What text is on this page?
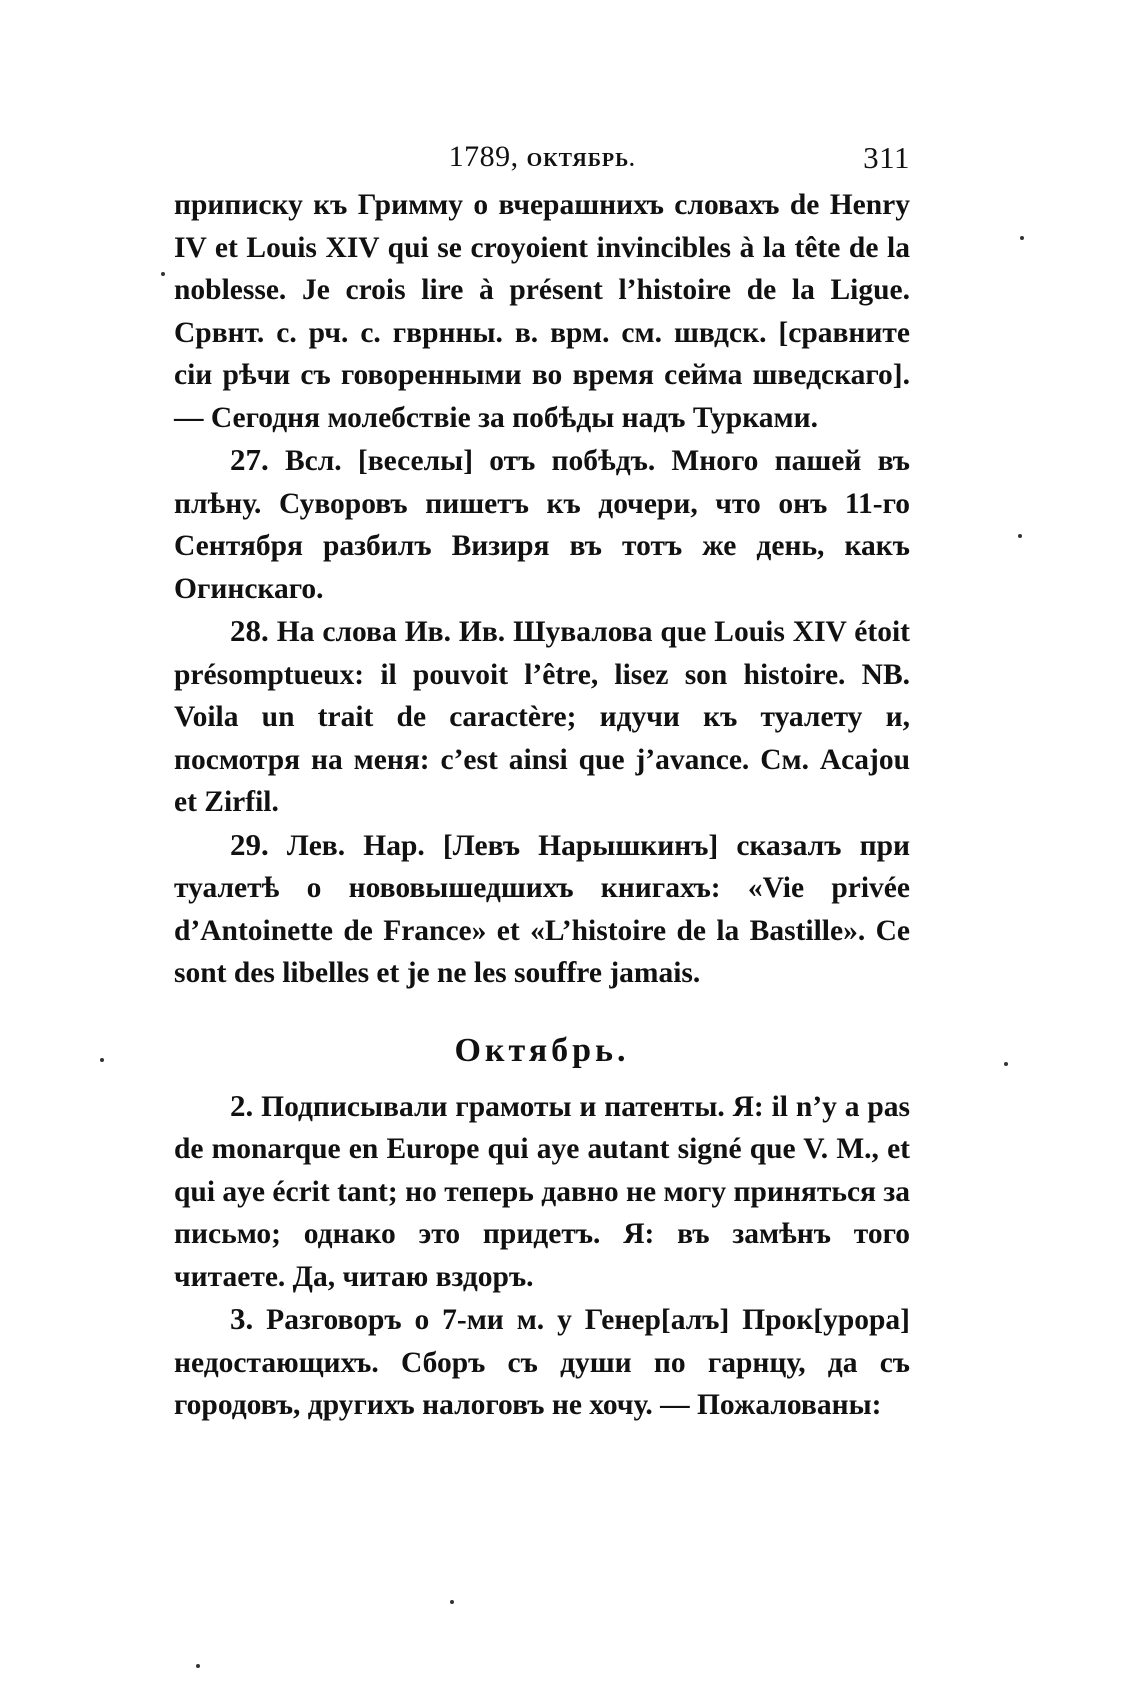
1789, ОКТЯБРЬ.	311

приписку къ Гримму о вчерашнихъ словахъ de Henry IV et Louis XIV qui se croyoient invincibles à la tête de la noblesse. Je crois lire à présent l’histoire de la Ligue. Срвнт. с. рч. с. гврнны. в. врм. см. швдск. [сравните сіи рѣчи съ говоренными во время сейма шведскаго]. — Сегодня молебствіе за побѣды надъ Турками.

27. Всл. [веселы] отъ побѣдъ. Много пашей въ плѣну. Суворовъ пишетъ къ дочери, что онъ 11-го Сентября разбилъ Визиря въ тотъ же день, какъ Огинскаго.

28. На слова Ив. Ив. Шувалова que Louis XIV étoit présomptueux: il pouvoit l’être, lisez son histoire. NB. Voila un trait de caractère; идучи къ туалету и, посмотря на меня: c’est ainsi que j’avance. См. Acajou et Zirfil.

29. Лев. Нар. [Левъ Нарышкинъ] сказалъ при туалетѣ о нововышедшихъ книгахъ: «Vie privée d’Antoinette de France» et «L’histoire de la Bastille». Ce sont des libelles et je ne les souffre jamais.

Октябрь.

2. Подписывали грамоты и патенты. Я: il n’y a pas de monarque en Europe qui aye autant signé que V. M., et qui aye écrit tant; но теперь давно не могу приняться за письмо; однако это придетъ. Я: въ замѣнъ того читаете. Да, читаю вздоръ.

3. Разговоръ о 7-ми м. у Генер[алъ] Прок[урора] недостающихъ. Сборъ съ души по гарнцу, да съ городовъ, другихъ налоговъ не хочу. — Пожалованы:
